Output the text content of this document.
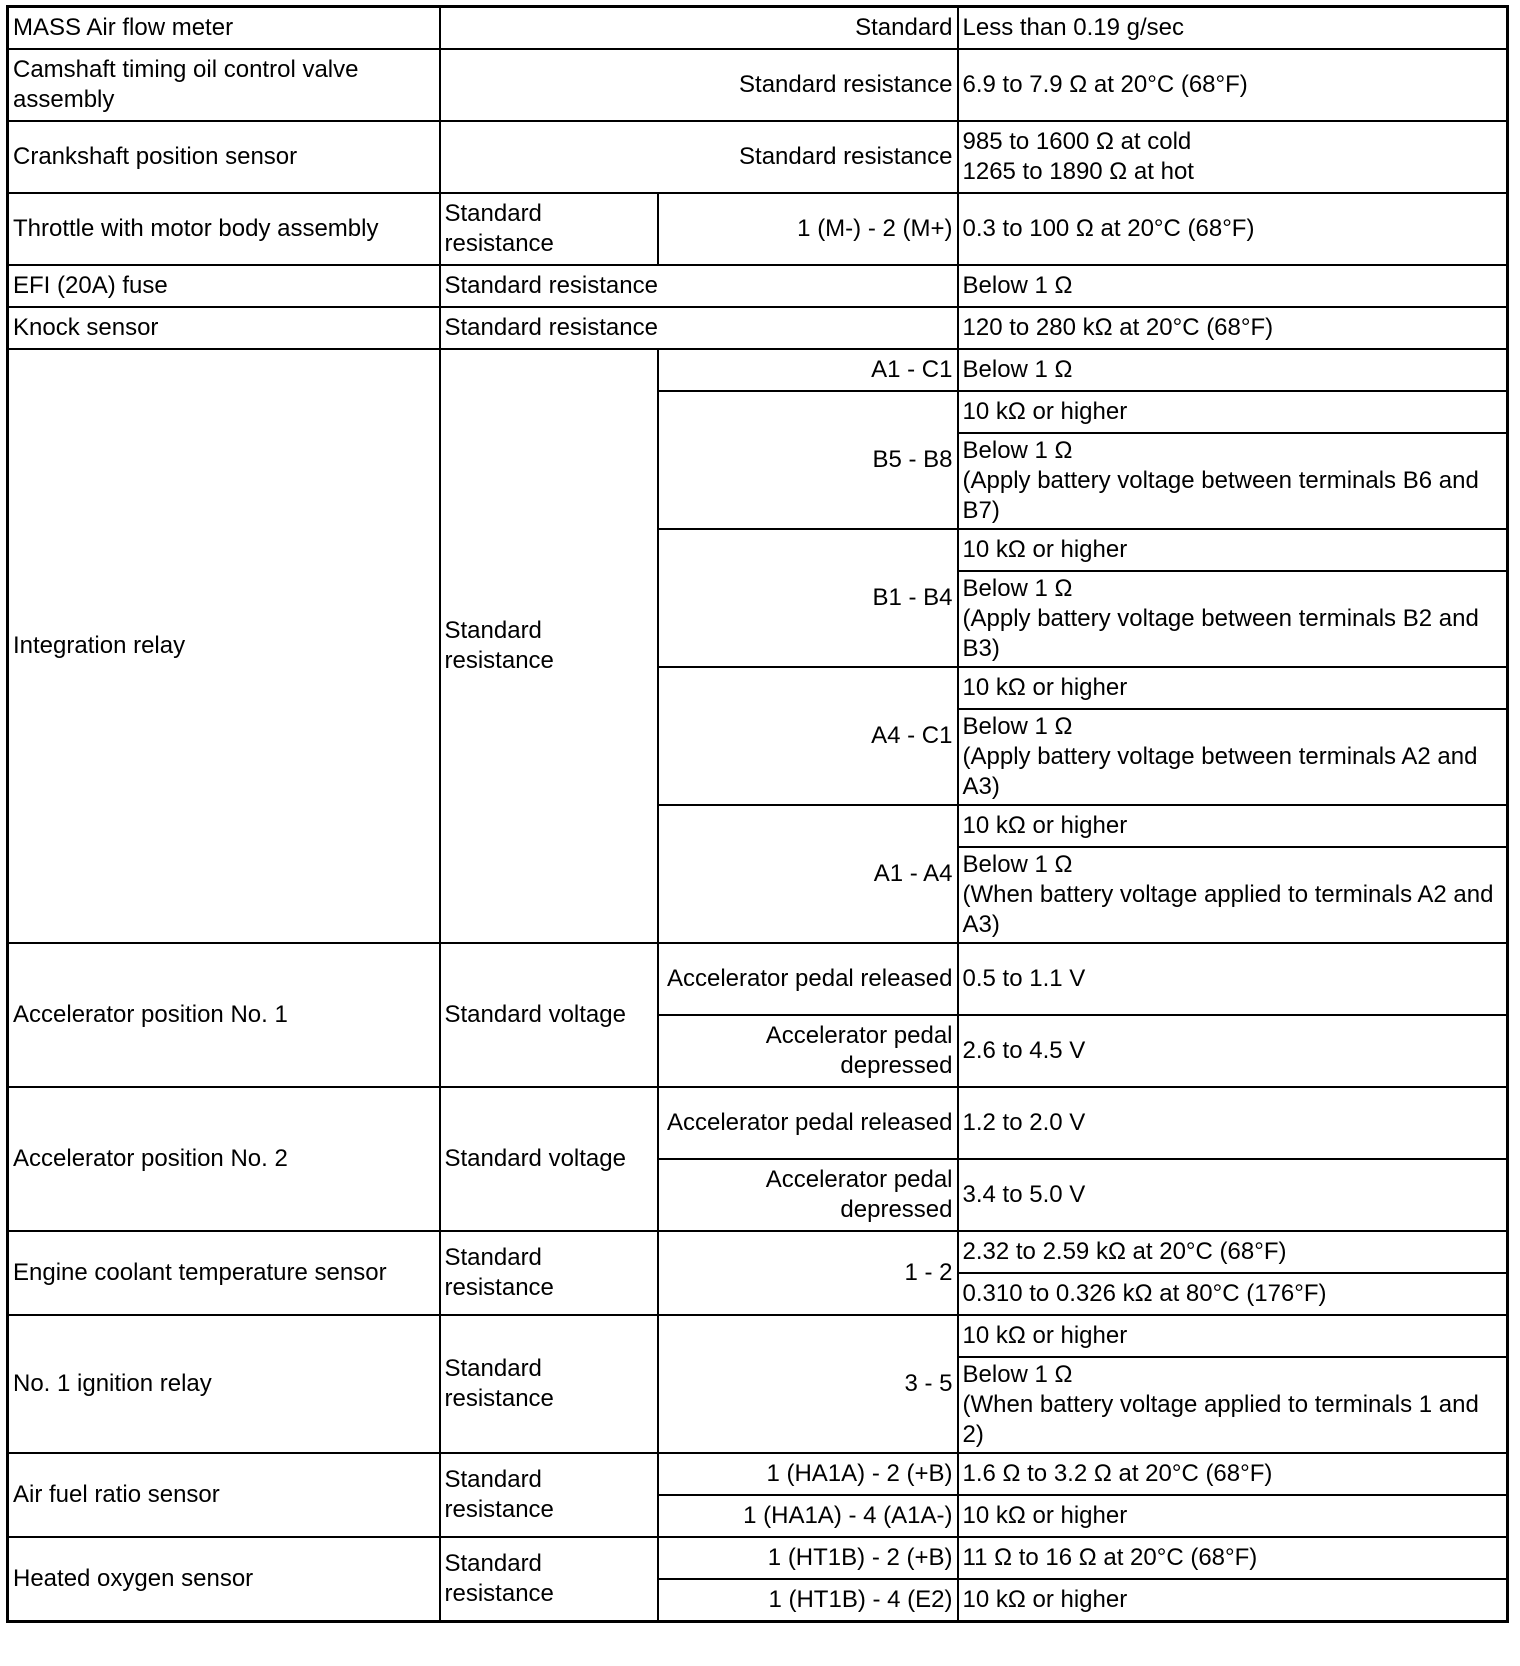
MASS Air flow meter	Standard		Less than 0.19 g/sec
Camshaft timing oil control valve assembly	Standard resistance		6.9 to 7.9 Ω at 20°C (68°F)
Crankshaft position sensor	Standard resistance		985 to 1600 Ω at cold
1265 to 1890 Ω at hot
Throttle with motor body assembly	Standard resistance	1 (M-) - 2 (M+)	0.3 to 100 Ω at 20°C (68°F)
EFI (20A) fuse	Standard resistance		Below 1 Ω
Knock sensor	Standard resistance		120 to 280 kΩ at 20°C (68°F)
Integration relay	Standard resistance	A1 - C1	Below 1 Ω
		B5 - B8	10 kΩ or higher
			Below 1 Ω
(Apply battery voltage between terminals B6 and B7)
		B1 - B4	10 kΩ or higher
			Below 1 Ω
(Apply battery voltage between terminals B2 and B3)
		A4 - C1	10 kΩ or higher
			Below 1 Ω
(Apply battery voltage between terminals A2 and A3)
		A1 - A4	10 kΩ or higher
			Below 1 Ω
(When battery voltage applied to terminals A2 and A3)
Accelerator position No. 1	Standard voltage	Accelerator pedal released	0.5 to 1.1 V
		Accelerator pedal depressed	2.6 to 4.5 V
Accelerator position No. 2	Standard voltage	Accelerator pedal released	1.2 to 2.0 V
		Accelerator pedal depressed	3.4 to 5.0 V
Engine coolant temperature sensor	Standard resistance	1 - 2	2.32 to 2.59 kΩ at 20°C (68°F)
			0.310 to 0.326 kΩ at 80°C (176°F)
No. 1 ignition relay	Standard resistance	3 - 5	10 kΩ or higher
			Below 1 Ω
(When battery voltage applied to terminals 1 and 2)
Air fuel ratio sensor	Standard resistance	1 (HA1A) - 2 (+B)	1.6 Ω to 3.2 Ω at 20°C (68°F)
		1 (HA1A) - 4 (A1A-)	10 kΩ or higher
Heated oxygen sensor	Standard resistance	1 (HT1B) - 2 (+B)	11 Ω to 16 Ω at 20°C (68°F)
		1 (HT1B) - 4 (E2)	10 kΩ or higher
